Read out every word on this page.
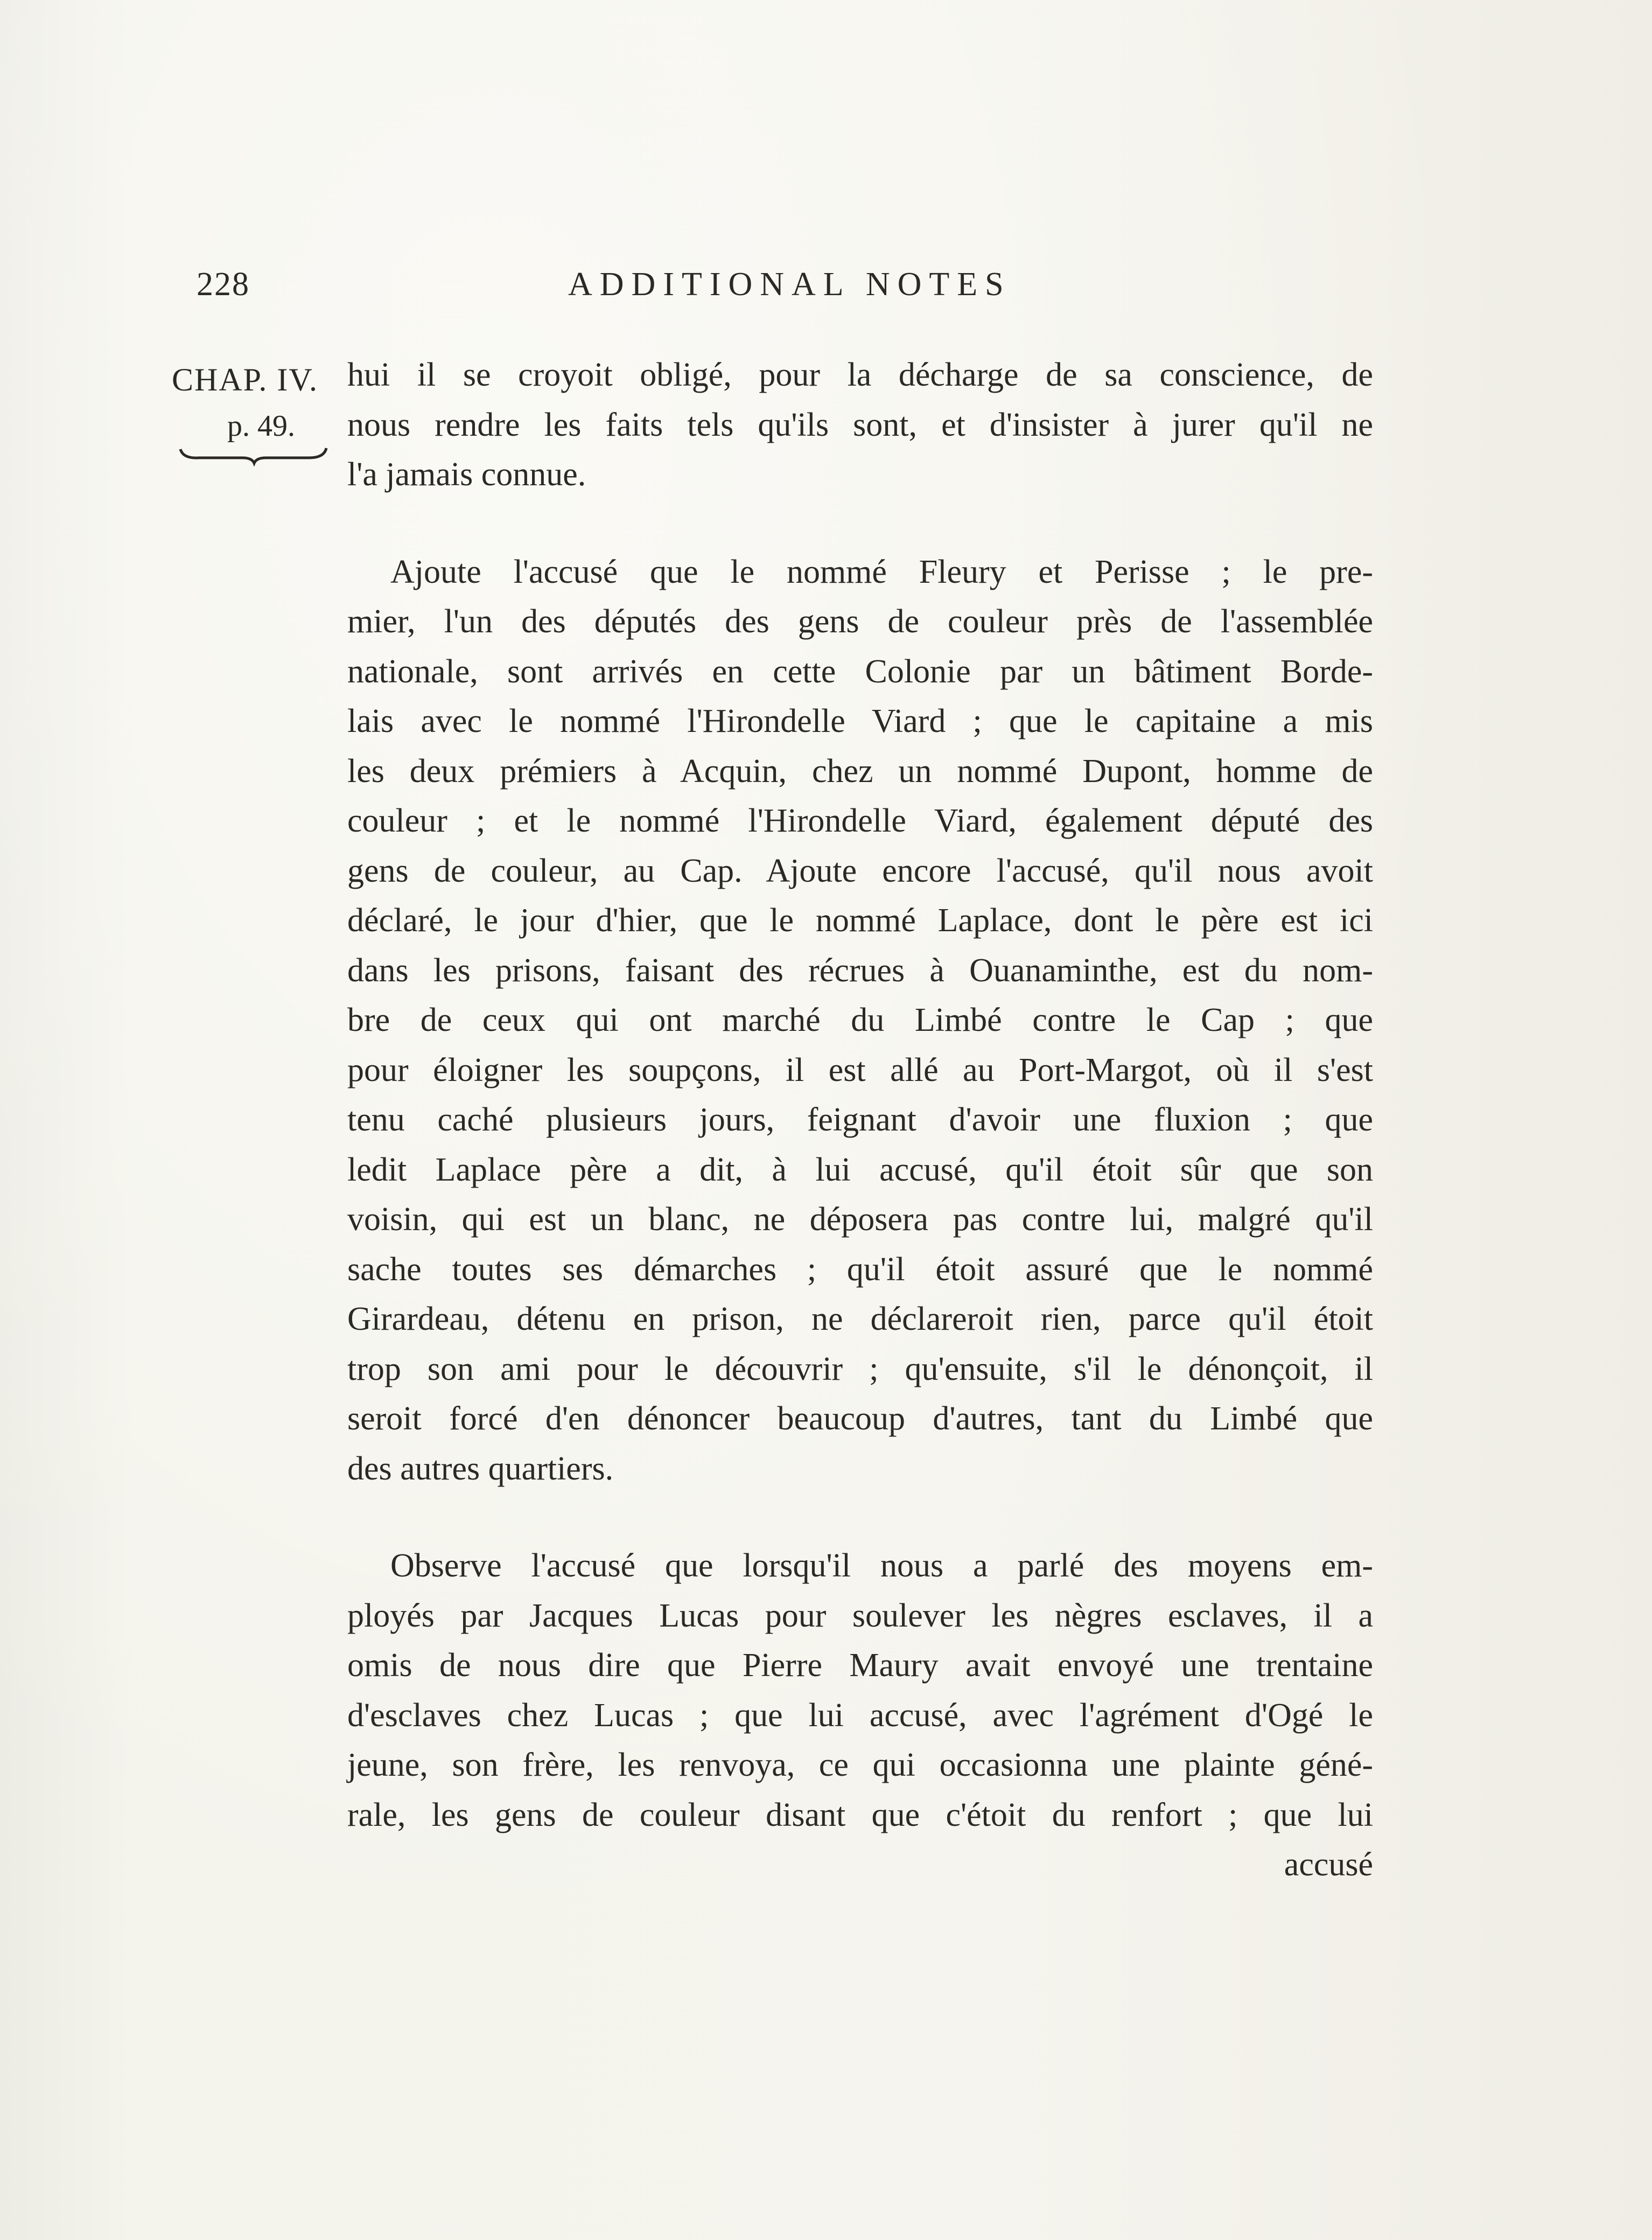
228	ADDITIONAL NOTES
CHAP. IV.
p. 49.
hui il se croyoit obligé, pour la décharge de sa conscience, de
nous rendre les faits tels qu'ils sont, et d'insister à jurer qu'il ne
l'a jamais connue.
Ajoute l'accusé que le nommé Fleury et Perisse ; le pre-
mier, l'un des députés des gens de couleur près de l'assemblée
nationale, sont arrivés en cette Colonie par un bâtiment Borde-
lais avec le nommé l'Hirondelle Viard ; que le capitaine a mis
les deux prémiers à Acquin, chez un nommé Dupont, homme de
couleur ; et le nommé l'Hirondelle Viard, également député des
gens de couleur, au Cap. Ajoute encore l'accusé, qu'il nous avoit
déclaré, le jour d'hier, que le nommé Laplace, dont le père est ici
dans les prisons, faisant des récrues à Ouanaminthe, est du nom-
bre de ceux qui ont marché du Limbé contre le Cap ; que
pour éloigner les soupçons, il est allé au Port-Margot, où il s'est
tenu caché plusieurs jours, feignant d'avoir une fluxion ; que
ledit Laplace père a dit, à lui accusé, qu'il étoit sûr que son
voisin, qui est un blanc, ne déposera pas contre lui, malgré qu'il
sache toutes ses démarches ; qu'il étoit assuré que le nommé
Girardeau, détenu en prison, ne déclareroit rien, parce qu'il étoit
trop son ami pour le découvrir ; qu'ensuite, s'il le dénonçoit, il
seroit forcé d'en dénoncer beaucoup d'autres, tant du Limbé que
des autres quartiers.
Observe l'accusé que lorsqu'il nous a parlé des moyens em-
ployés par Jacques Lucas pour soulever les nègres esclaves, il a
omis de nous dire que Pierre Maury avait envoyé une trentaine
d'esclaves chez Lucas ; que lui accusé, avec l'agrément d'Ogé le
jeune, son frère, les renvoya, ce qui occasionna une plainte géné-
rale, les gens de couleur disant que c'étoit du renfort ; que lui
accusé
